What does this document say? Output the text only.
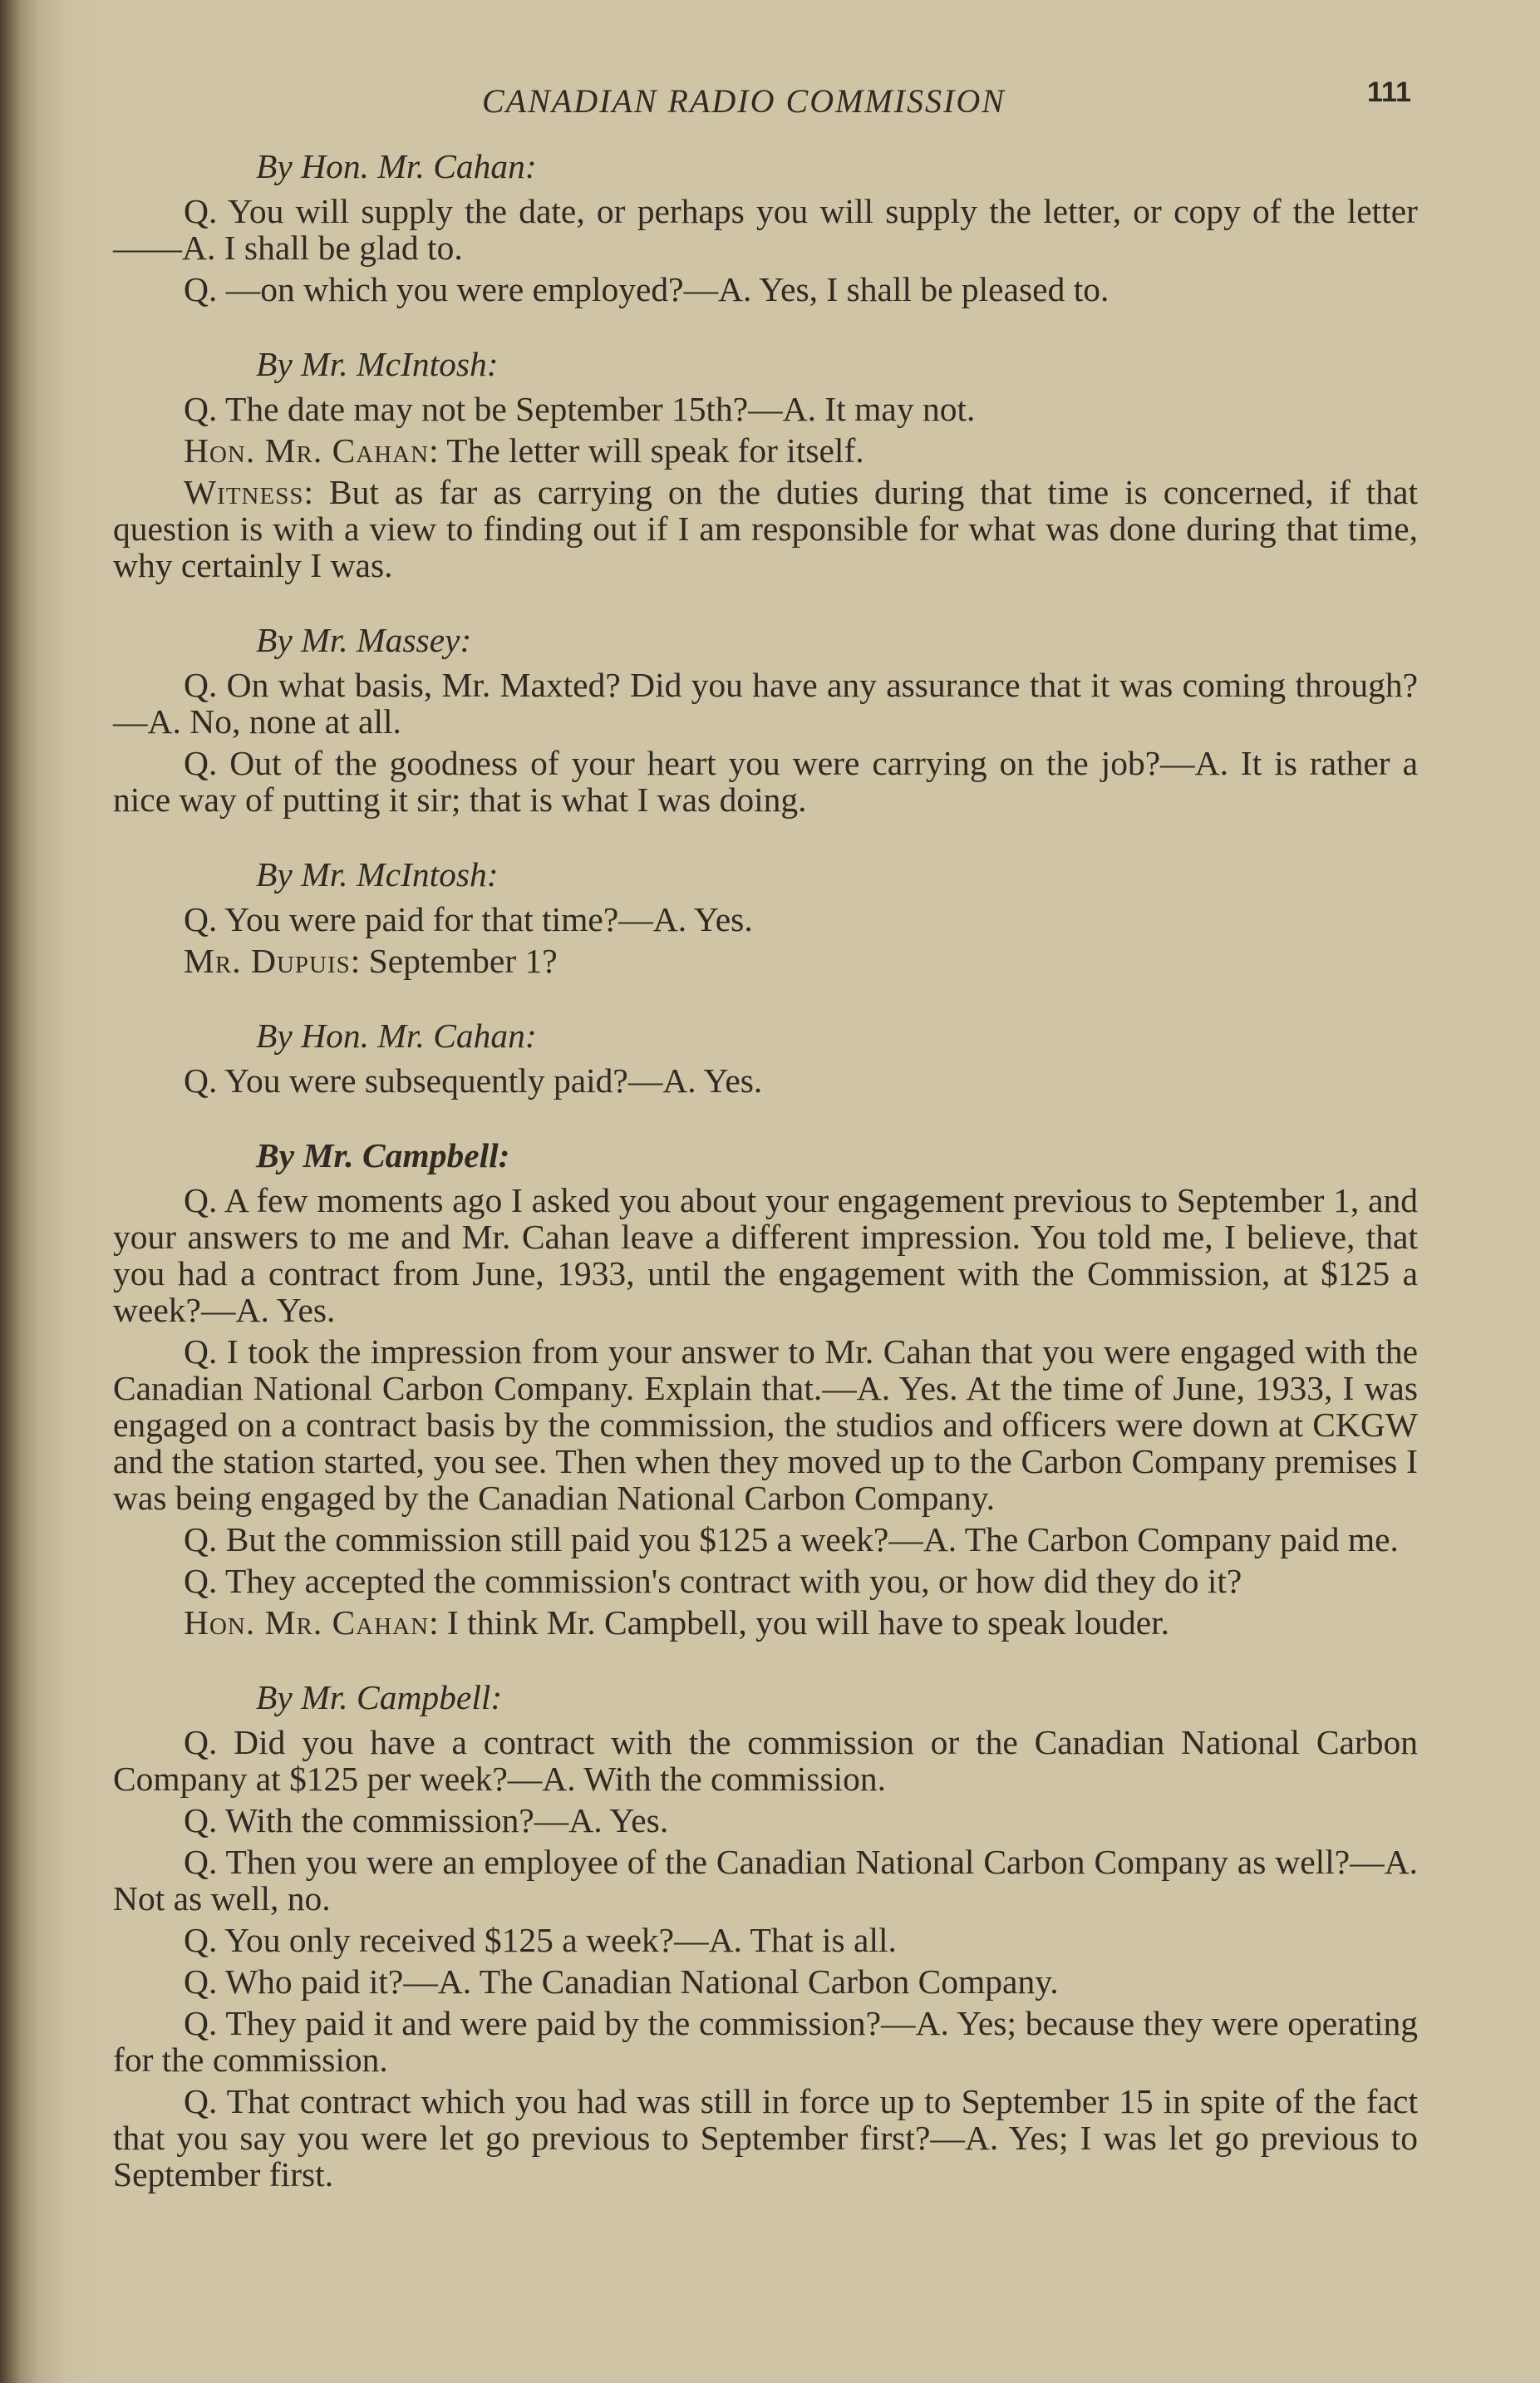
CANADIAN RADIO COMMISSION	111
By Hon. Mr. Cahan:

Q. You will supply the date, or perhaps you will supply the letter, or copy of the letter——A. I shall be glad to.

Q. —on which you were employed?—A. Yes, I shall be pleased to.

By Mr. McIntosh:

Q. The date may not be September 15th?—A. It may not.

Hon. Mr. Cahan: The letter will speak for itself.

Witness: But as far as carrying on the duties during that time is concerned, if that question is with a view to finding out if I am responsible for what was done during that time, why certainly I was.

By Mr. Massey:

Q. On what basis, Mr. Maxted? Did you have any assurance that it was coming through?—A. No, none at all.

Q. Out of the goodness of your heart you were carrying on the job?—A. It is rather a nice way of putting it sir; that is what I was doing.

By Mr. McIntosh:

Q. You were paid for that time?—A. Yes.

Mr. Dupuis: September 1?

By Hon. Mr. Cahan:

Q. You were subsequently paid?—A. Yes.

By Mr. Campbell:

Q. A few moments ago I asked you about your engagement previous to September 1, and your answers to me and Mr. Cahan leave a different impression. You told me, I believe, that you had a contract from June, 1933, until the engagement with the Commission, at $125 a week?—A. Yes.

Q. I took the impression from your answer to Mr. Cahan that you were engaged with the Canadian National Carbon Company. Explain that.—A. Yes. At the time of June, 1933, I was engaged on a contract basis by the commission, the studios and officers were down at CKGW and the station started, you see. Then when they moved up to the Carbon Company premises I was being engaged by the Canadian National Carbon Company.

Q. But the commission still paid you $125 a week?—A. The Carbon Company paid me.

Q. They accepted the commission's contract with you, or how did they do it?

Hon. Mr. Cahan: I think Mr. Campbell, you will have to speak louder.

By Mr. Campbell:

Q. Did you have a contract with the commission or the Canadian National Carbon Company at $125 per week?—A. With the commission.

Q. With the commission?—A. Yes.

Q. Then you were an employee of the Canadian National Carbon Company as well?—A. Not as well, no.

Q. You only received $125 a week?—A. That is all.

Q. Who paid it?—A. The Canadian National Carbon Company.

Q. They paid it and were paid by the commission?—A. Yes; because they were operating for the commission.

Q. That contract which you had was still in force up to September 15 in spite of the fact that you say you were let go previous to September first?—A. Yes; I was let go previous to September first.
